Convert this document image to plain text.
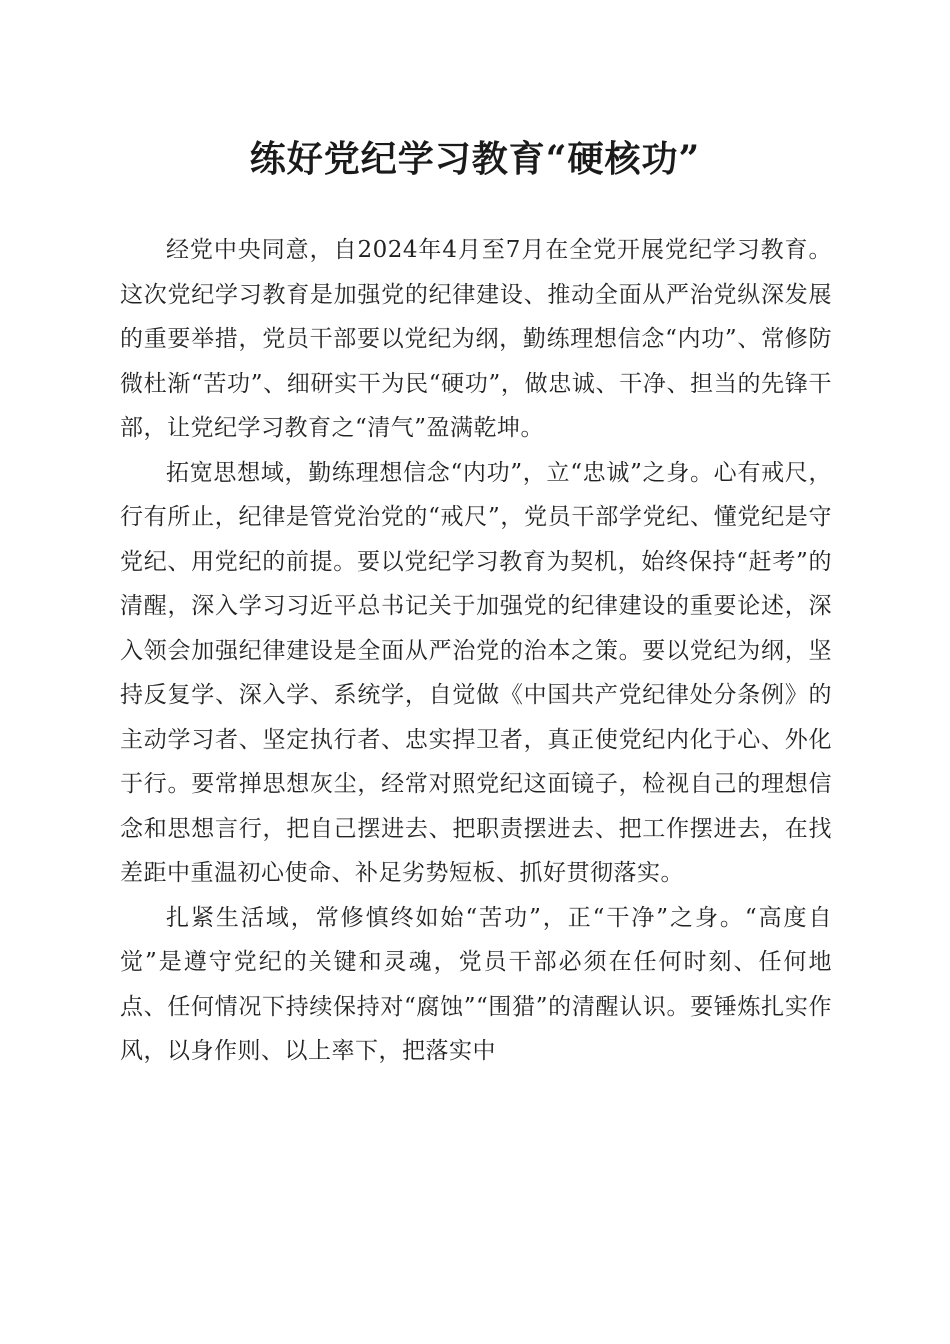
练好党纪学习教育“硬核功”

经党中央同意，自2024年4月至7月在全党开展党纪学习教育。这次党纪学习教育是加强党的纪律建设、推动全面从严治党纵深发展的重要举措，党员干部要以党纪为纲，勤练理想信念“内功”、常修防微杜渐“苦功”、细研实干为民“硬功”，做忠诚、干净、担当的先锋干部，让党纪学习教育之“清气”盈满乾坤。

拓宽思想域，勤练理想信念“内功”，立“忠诚”之身。心有戒尺，行有所止，纪律是管党治党的“戒尺”，党员干部学党纪、懂党纪是守党纪、用党纪的前提。要以党纪学习教育为契机，始终保持“赶考”的清醒，深入学习习近平总书记关于加强党的纪律建设的重要论述，深入领会加强纪律建设是全面从严治党的治本之策。要以党纪为纲，坚持反复学、深入学、系统学，自觉做《中国共产党纪律处分条例》的主动学习者、坚定执行者、忠实捍卫者，真正使党纪内化于心、外化于行。要常掸思想灰尘，经常对照党纪这面镜子，检视自己的理想信念和思想言行，把自己摆进去、把职责摆进去、把工作摆进去，在找差距中重温初心使命、补足劣势短板、抓好贯彻落实。

扎紧生活域，常修慎终如始“苦功”，正“干净”之身。“高度自觉”是遵守党纪的关键和灵魂，党员干部必须在任何时刻、任何地点、任何情况下持续保持对“腐蚀”“围猎”的清醒认识。要锤炼扎实作风，以身作则、以上率下，把落实中
